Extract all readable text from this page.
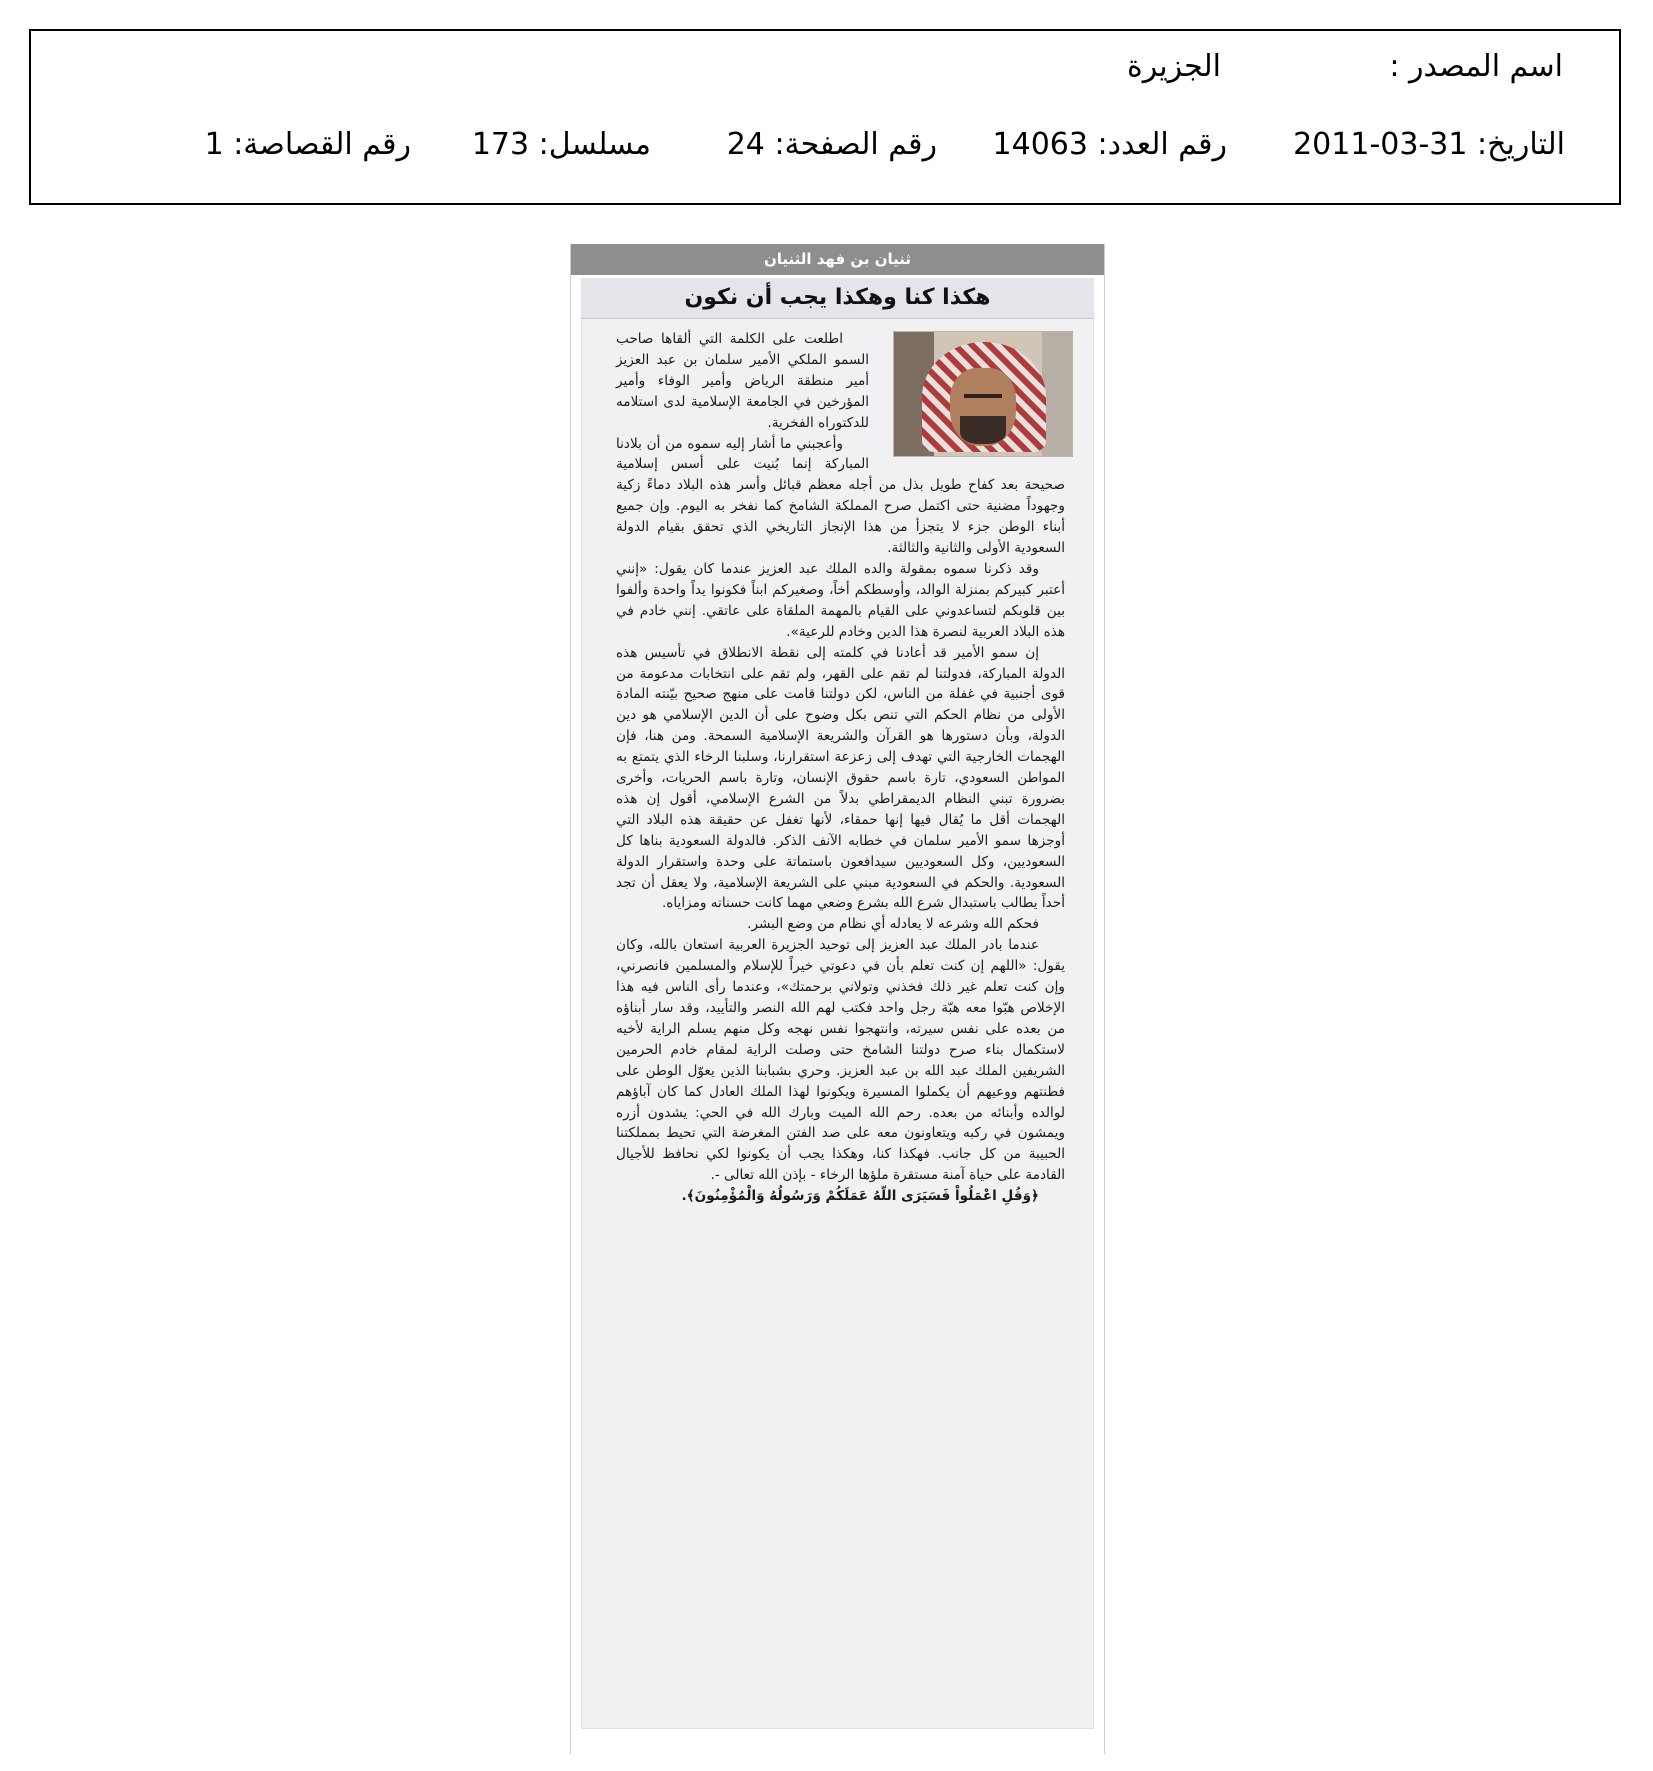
اسم المصدر :
الجزيرة
التاريخ: 31-03-2011
رقم العدد: 14063
رقم الصفحة: 24
مسلسل: 173
رقم القصاصة: 1
ثنيان بن فهد الثنيان
هكذا كنا وهكذا يجب أن نكون

اطلعت على الكلمة التي ألقاها صاحب السمو الملكي الأمير سلمان بن عبد العزيز أمير منطقة الرياض وأمير الوفاء وأمير المؤرخين في الجامعة الإسلامية لدى استلامه للدكتوراه الفخرية.

وأعجبني ما أشار إليه سموه من أن بلادنا المباركة إنما بُنيت على أسس إسلامية صحيحة بعد كفاح طويل بذل من أجله معظم قبائل وأسر هذه البلاد دماءً زكية وجهوداً مضنية حتى اكتمل صرح المملكة الشامخ كما نفخر به اليوم. وإن جميع أبناء الوطن جزء لا يتجزأ من هذا الإنجاز التاريخي الذي تحقق بقيام الدولة السعودية الأولى والثانية والثالثة.

وقد ذكرنا سموه بمقولة والده الملك عبد العزيز عندما كان يقول: «إنني أعتبر كبيركم بمنزلة الوالد، وأوسطكم أخاً، وصغيركم ابناً فكونوا يداً واحدة وألفوا بين قلوبكم لتساعدوني على القيام بالمهمة الملقاة على عاتقي. إنني خادم في هذه البلاد العربية لنصرة هذا الدين وخادم للرعية».

إن سمو الأمير قد أعادنا في كلمته إلى نقطة الانطلاق في تأسيس هذه الدولة المباركة، فدولتنا لم تقم على القهر، ولم تقم على انتخابات مدعومة من قوى أجنبية في غفلة من الناس، لكن دولتنا قامت على منهج صحيح بيّنته المادة الأولى من نظام الحكم التي تنص بكل وضوح على أن الدين الإسلامي هو دين الدولة، وبأن دستورها هو القرآن والشريعة الإسلامية السمحة. ومن هنا، فإن الهجمات الخارجية التي تهدف إلى زعزعة استقرارنا، وسلبنا الرخاء الذي يتمتع به المواطن السعودي، تارة باسم حقوق الإنسان، وتارة باسم الحريات، وأخرى بضرورة تبني النظام الديمقراطي بدلاً من الشرع الإسلامي، أقول إن هذه الهجمات أقل ما يُقال فيها إنها حمقاء، لأنها تغفل عن حقيقة هذه البلاد التي أوجزها سمو الأمير سلمان في خطابه الآنف الذكر. فالدولة السعودية بناها كل السعوديين، وكل السعوديين سيدافعون باستماتة على وحدة واستقرار الدولة السعودية. والحكم في السعودية مبني على الشريعة الإسلامية، ولا يعقل أن تجد أحداً يطالب باستبدال شرع الله بشرع وضعي مهما كانت حسناته ومزاياه.

فحكم الله وشرعه لا يعادله أي نظام من وضع البشر.

عندما بادر الملك عبد العزيز إلى توحيد الجزيرة العربية استعان بالله، وكان يقول: «اللهم إن كنت تعلم بأن في دعوتي خيراً للإسلام والمسلمين فانصرني، وإن كنت تعلم غير ذلك فخذني وتولاني برحمتك»، وعندما رأى الناس فيه هذا الإخلاص هبّوا معه هبّة رجل واحد فكتب لهم الله النصر والتأييد، وقد سار أبناؤه من بعده على نفس سيرته، وانتهجوا نفس نهجه وكل منهم يسلم الراية لأخيه لاستكمال بناء صرح دولتنا الشامخ حتى وصلت الراية لمقام خادم الحرمين الشريفين الملك عبد الله بن عبد العزيز. وحري بشبابنا الذين يعوّل الوطن على فطنتهم ووعيهم أن يكملوا المسيرة ويكونوا لهذا الملك العادل كما كان آباؤهم لوالده وأبنائه من بعده. رحم الله الميت وبارك الله في الحي: يشدون أزره ويمشون في ركبه ويتعاونون معه على صد الفتن المغرضة التي تحيط بمملكتنا الحبيبة من كل جانب. فهكذا كنا، وهكذا يجب أن يكونوا لكي نحافظ للأجيال القادمة على حياة آمنة مستقرة ملؤها الرخاء - بإذن الله تعالى -.

﴿وَقُلِ اعْمَلُواْ فَسَيَرَى اللّهُ عَمَلَكُمْ وَرَسُولُهُ وَالْمُؤْمِنُونَ﴾.
